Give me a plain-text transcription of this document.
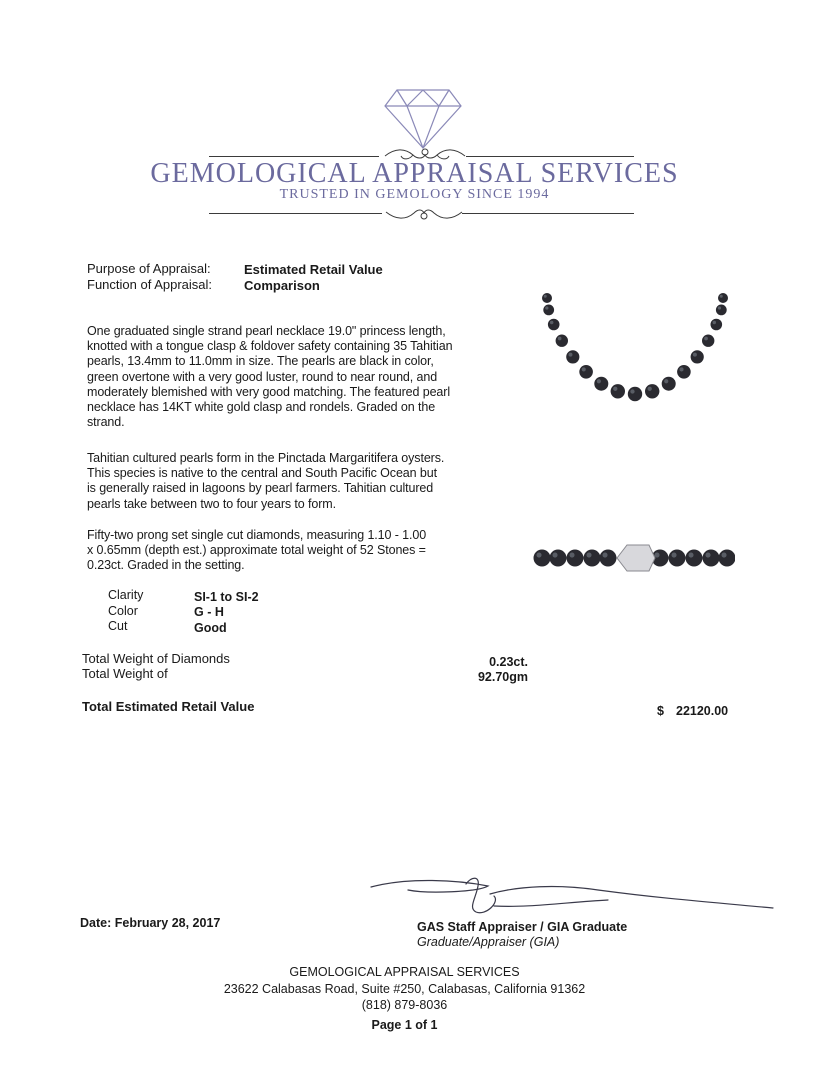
GEMOLOGICAL APPRAISAL SERVICES
TRUSTED IN GEMOLOGY SINCE 1994
Purpose of Appraisal:	Estimated Retail Value
Function of Appraisal: Comparison
One graduated single strand pearl necklace 19.0" princess length,
knotted with a tongue clasp & foldover safety containing 35 Tahitian
pearls, 13.4mm to 11.0mm in size. The pearls are black in color,
green overtone with a very good luster, round to near round, and
moderately blemished with very good matching. The featured pearl
necklace has 14KT white gold clasp and rondels. Graded on the
strand.
Tahitian cultured pearls form in the Pinctada Margaritifera oysters.
This species is native to the central and South Pacific Ocean but
is generally raised in lagoons by pearl farmers. Tahitian cultured
pearls take between two to four years to form.
Fifty-two prong set single cut diamonds, measuring 1.10 - 1.00
x 0.65mm (depth est.) approximate total weight of 52 Stones =
0.23ct. Graded in the setting.
Clarity	SI-1 to SI-2
Color	G - H
Cut	Good
Total Weight of Diamonds	0.23ct.
Total Weight of	92.70gm
Total Estimated Retail Value	$ 22120.00
Date: February 28, 2017	GAS Staff Appraiser / GIA Graduate
Graduate/Appraiser (GIA)
GEMOLOGICAL APPRAISAL SERVICES
23622 Calabasas Road, Suite #250, Calabasas, California 91362
(818) 879-8036
Page 1 of 1
